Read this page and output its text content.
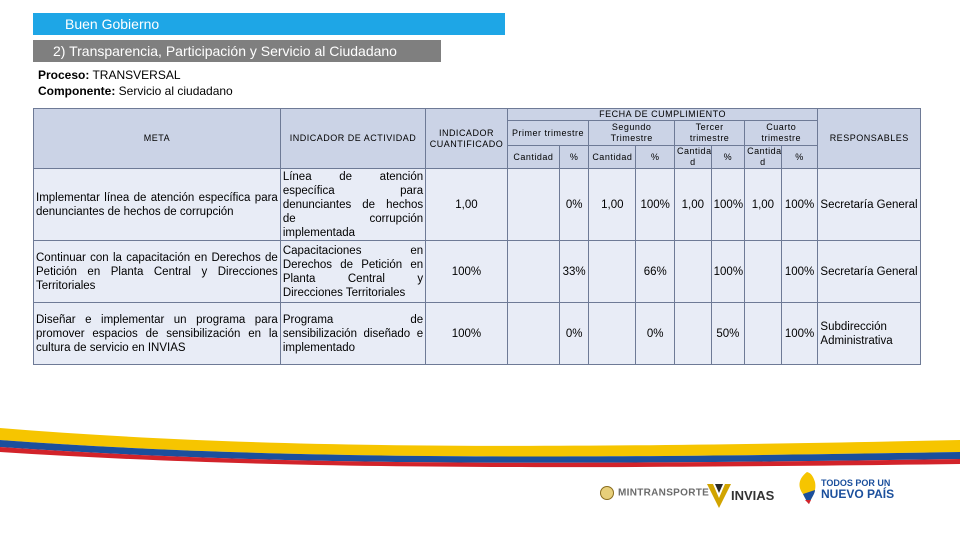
Buen Gobierno
2) Transparencia, Participación y Servicio al Ciudadano
Proceso: TRANSVERSAL
Componente: Servicio al ciudadano
META	INDICADOR DE ACTIVIDAD	INDICADOR CUANTIFICADO	FECHA DE CUMPLIMIENTO								RESPONSABLES
			Primer trimestre		Segundo Trimestre		Tercer trimestre		Cuarto trimestre		
			Cantidad	%	Cantidad	%	Cantida d	%	Cantida d	%	
Implementar línea de atención específica para denunciantes de hechos de corrupción	Línea de atención específica para denunciantes de hechos de corrupción implementada	1,00		0%	1,00	100%	1,00	100%	1,00	100%	Secretaría General
Continuar con la capacitación en Derechos de Petición en Planta Central y Direcciones Territoriales	Capacitaciones en Derechos de Petición en Planta Central y Direcciones Territoriales	100%		33%		66%		100%		100%	Secretaría General
Diseñar e implementar un programa para promover espacios de sensibilización en la cultura de servicio en INVIAS	Programa de sensibilización diseñado e implementado	100%		0%		0%		50%		100%	Subdirección Administrativa
MINTRANSPORTE INVIAS
TODOS POR UN
NUEVO PAÍS
